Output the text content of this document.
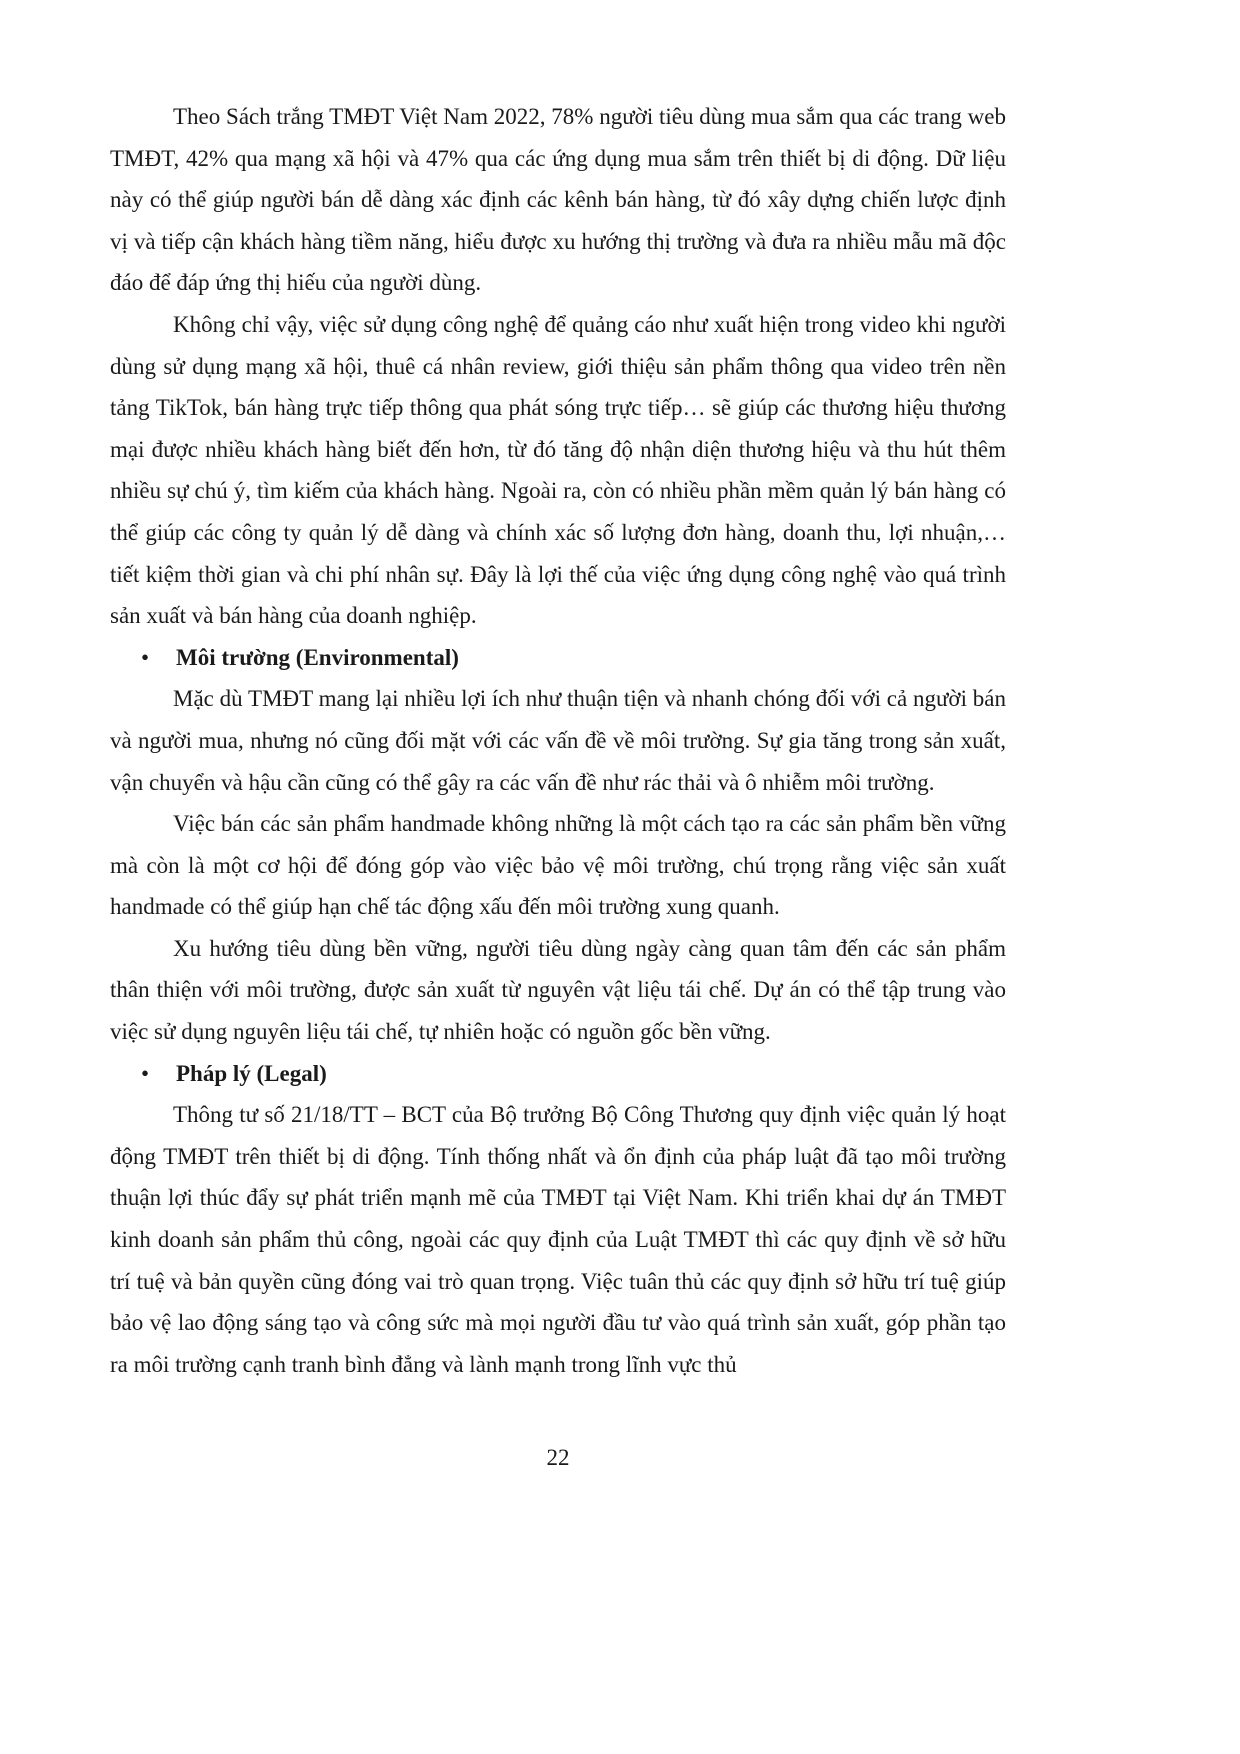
Theo Sách trắng TMĐT Việt Nam 2022, 78% người tiêu dùng mua sắm qua các trang web TMĐT, 42% qua mạng xã hội và 47% qua các ứng dụng mua sắm trên thiết bị di động. Dữ liệu này có thể giúp người bán dễ dàng xác định các kênh bán hàng, từ đó xây dựng chiến lược định vị và tiếp cận khách hàng tiềm năng, hiểu được xu hướng thị trường và đưa ra nhiều mẫu mã độc đáo để đáp ứng thị hiếu của người dùng.

Không chỉ vậy, việc sử dụng công nghệ để quảng cáo như xuất hiện trong video khi người dùng sử dụng mạng xã hội, thuê cá nhân review, giới thiệu sản phẩm thông qua video trên nền tảng TikTok, bán hàng trực tiếp thông qua phát sóng trực tiếp… sẽ giúp các thương hiệu thương mại được nhiều khách hàng biết đến hơn, từ đó tăng độ nhận diện thương hiệu và thu hút thêm nhiều sự chú ý, tìm kiếm của khách hàng. Ngoài ra, còn có nhiều phần mềm quản lý bán hàng có thể giúp các công ty quản lý dễ dàng và chính xác số lượng đơn hàng, doanh thu, lợi nhuận,… tiết kiệm thời gian và chi phí nhân sự. Đây là lợi thế của việc ứng dụng công nghệ vào quá trình sản xuất và bán hàng của doanh nghiệp.

• Môi trường (Environmental)

Mặc dù TMĐT mang lại nhiều lợi ích như thuận tiện và nhanh chóng đối với cả người bán và người mua, nhưng nó cũng đối mặt với các vấn đề về môi trường. Sự gia tăng trong sản xuất, vận chuyển và hậu cần cũng có thể gây ra các vấn đề như rác thải và ô nhiễm môi trường.

Việc bán các sản phẩm handmade không những là một cách tạo ra các sản phẩm bền vững mà còn là một cơ hội để đóng góp vào việc bảo vệ môi trường, chú trọng rằng việc sản xuất handmade có thể giúp hạn chế tác động xấu đến môi trường xung quanh.

Xu hướng tiêu dùng bền vững, người tiêu dùng ngày càng quan tâm đến các sản phẩm thân thiện với môi trường, được sản xuất từ nguyên vật liệu tái chế. Dự án có thể tập trung vào việc sử dụng nguyên liệu tái chế, tự nhiên hoặc có nguồn gốc bền vững.

• Pháp lý (Legal)

Thông tư số 21/18/TT – BCT của Bộ trưởng Bộ Công Thương quy định việc quản lý hoạt động TMĐT trên thiết bị di động. Tính thống nhất và ổn định của pháp luật đã tạo môi trường thuận lợi thúc đẩy sự phát triển mạnh mẽ của TMĐT tại Việt Nam. Khi triển khai dự án TMĐT kinh doanh sản phẩm thủ công, ngoài các quy định của Luật TMĐT thì các quy định về sở hữu trí tuệ và bản quyền cũng đóng vai trò quan trọng. Việc tuân thủ các quy định sở hữu trí tuệ giúp bảo vệ lao động sáng tạo và công sức mà mọi người đầu tư vào quá trình sản xuất, góp phần tạo ra môi trường cạnh tranh bình đẳng và lành mạnh trong lĩnh vực thủ

22
